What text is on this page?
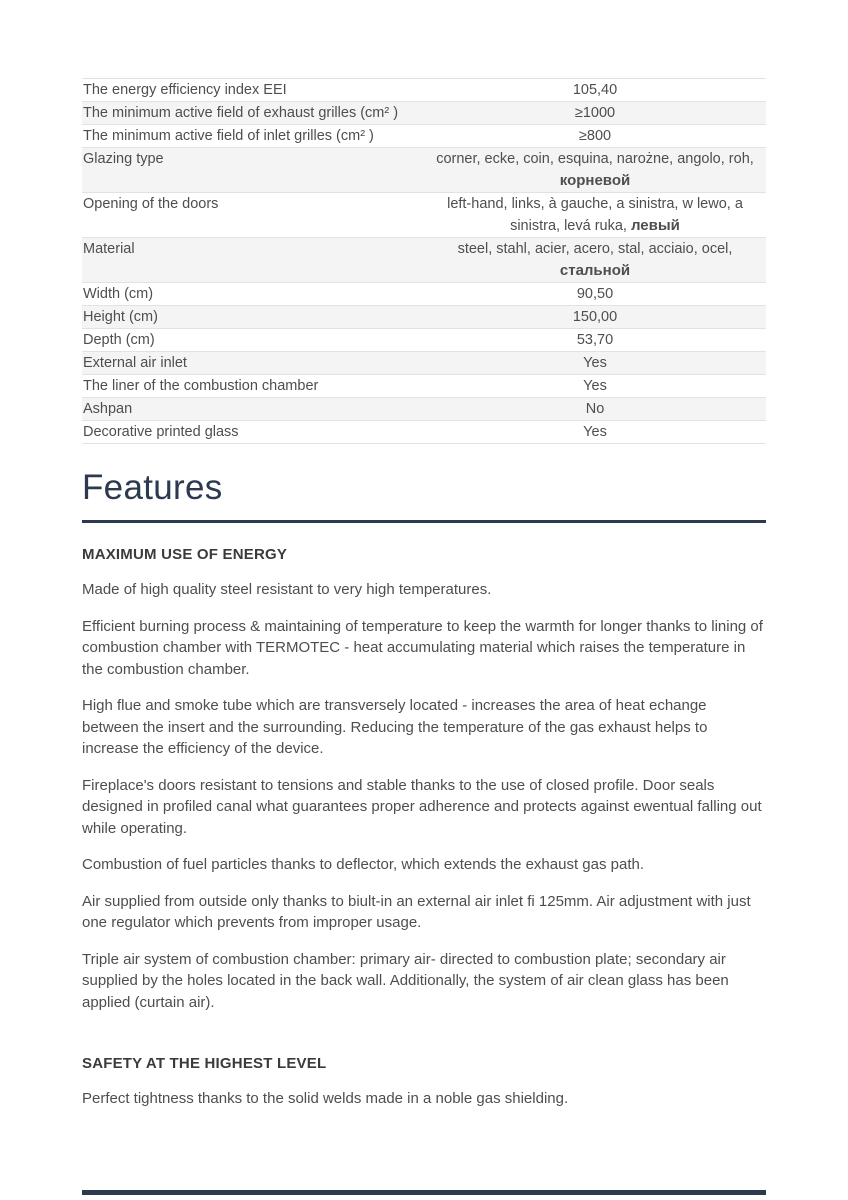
The energy efficiency index EEI	105,40
The minimum active field of exhaust grilles (cm² )	≥1000
The minimum active field of inlet grilles (cm² )	≥800
Glazing type	corner, ecke, coin, esquina, narożne, angolo, roh, корневой
Opening of the doors	left-hand, links, à gauche, a sinistra, w lewo, a sinistra, levá ruka, левый
Material	steel, stahl, acier, acero, stal, acciaio, ocel, стальной
Width (cm)	90,50
Height (cm)	150,00
Depth (cm)	53,70
External air inlet	Yes
The liner of the combustion chamber	Yes
Ashpan	No
Decorative printed glass	Yes
Features
MAXIMUM USE OF ENERGY

Made of high quality steel resistant to very high temperatures.

Efficient burning process & maintaining of temperature to keep the warmth for longer thanks to lining of combustion chamber with TERMOTEC - heat accumulating material which raises the temperature in the combustion chamber.

High flue and smoke tube which are transversely located - increases the area of heat echange between the insert and the surrounding. Reducing the temperature of the gas exhaust helps to increase the efficiency of the device.

Fireplace's doors resistant to tensions and stable thanks to the use of closed profile. Door seals designed in profiled canal what guarantees proper adherence and protects against ewentual falling out while operating.

Combustion of fuel particles thanks to deflector, which extends the exhaust gas path.

Air supplied from outside only thanks to biult-in an external air inlet fi 125mm. Air adjustment with just one regulator which prevents from improper usage.

Triple air system of combustion chamber: primary air- directed to combustion plate; secondary air supplied by the holes located in the back wall. Additionally, the system of air clean glass has been applied (curtain air).

SAFETY AT THE HIGHEST LEVEL

Perfect tightness thanks to the solid welds made in a noble gas shielding.
